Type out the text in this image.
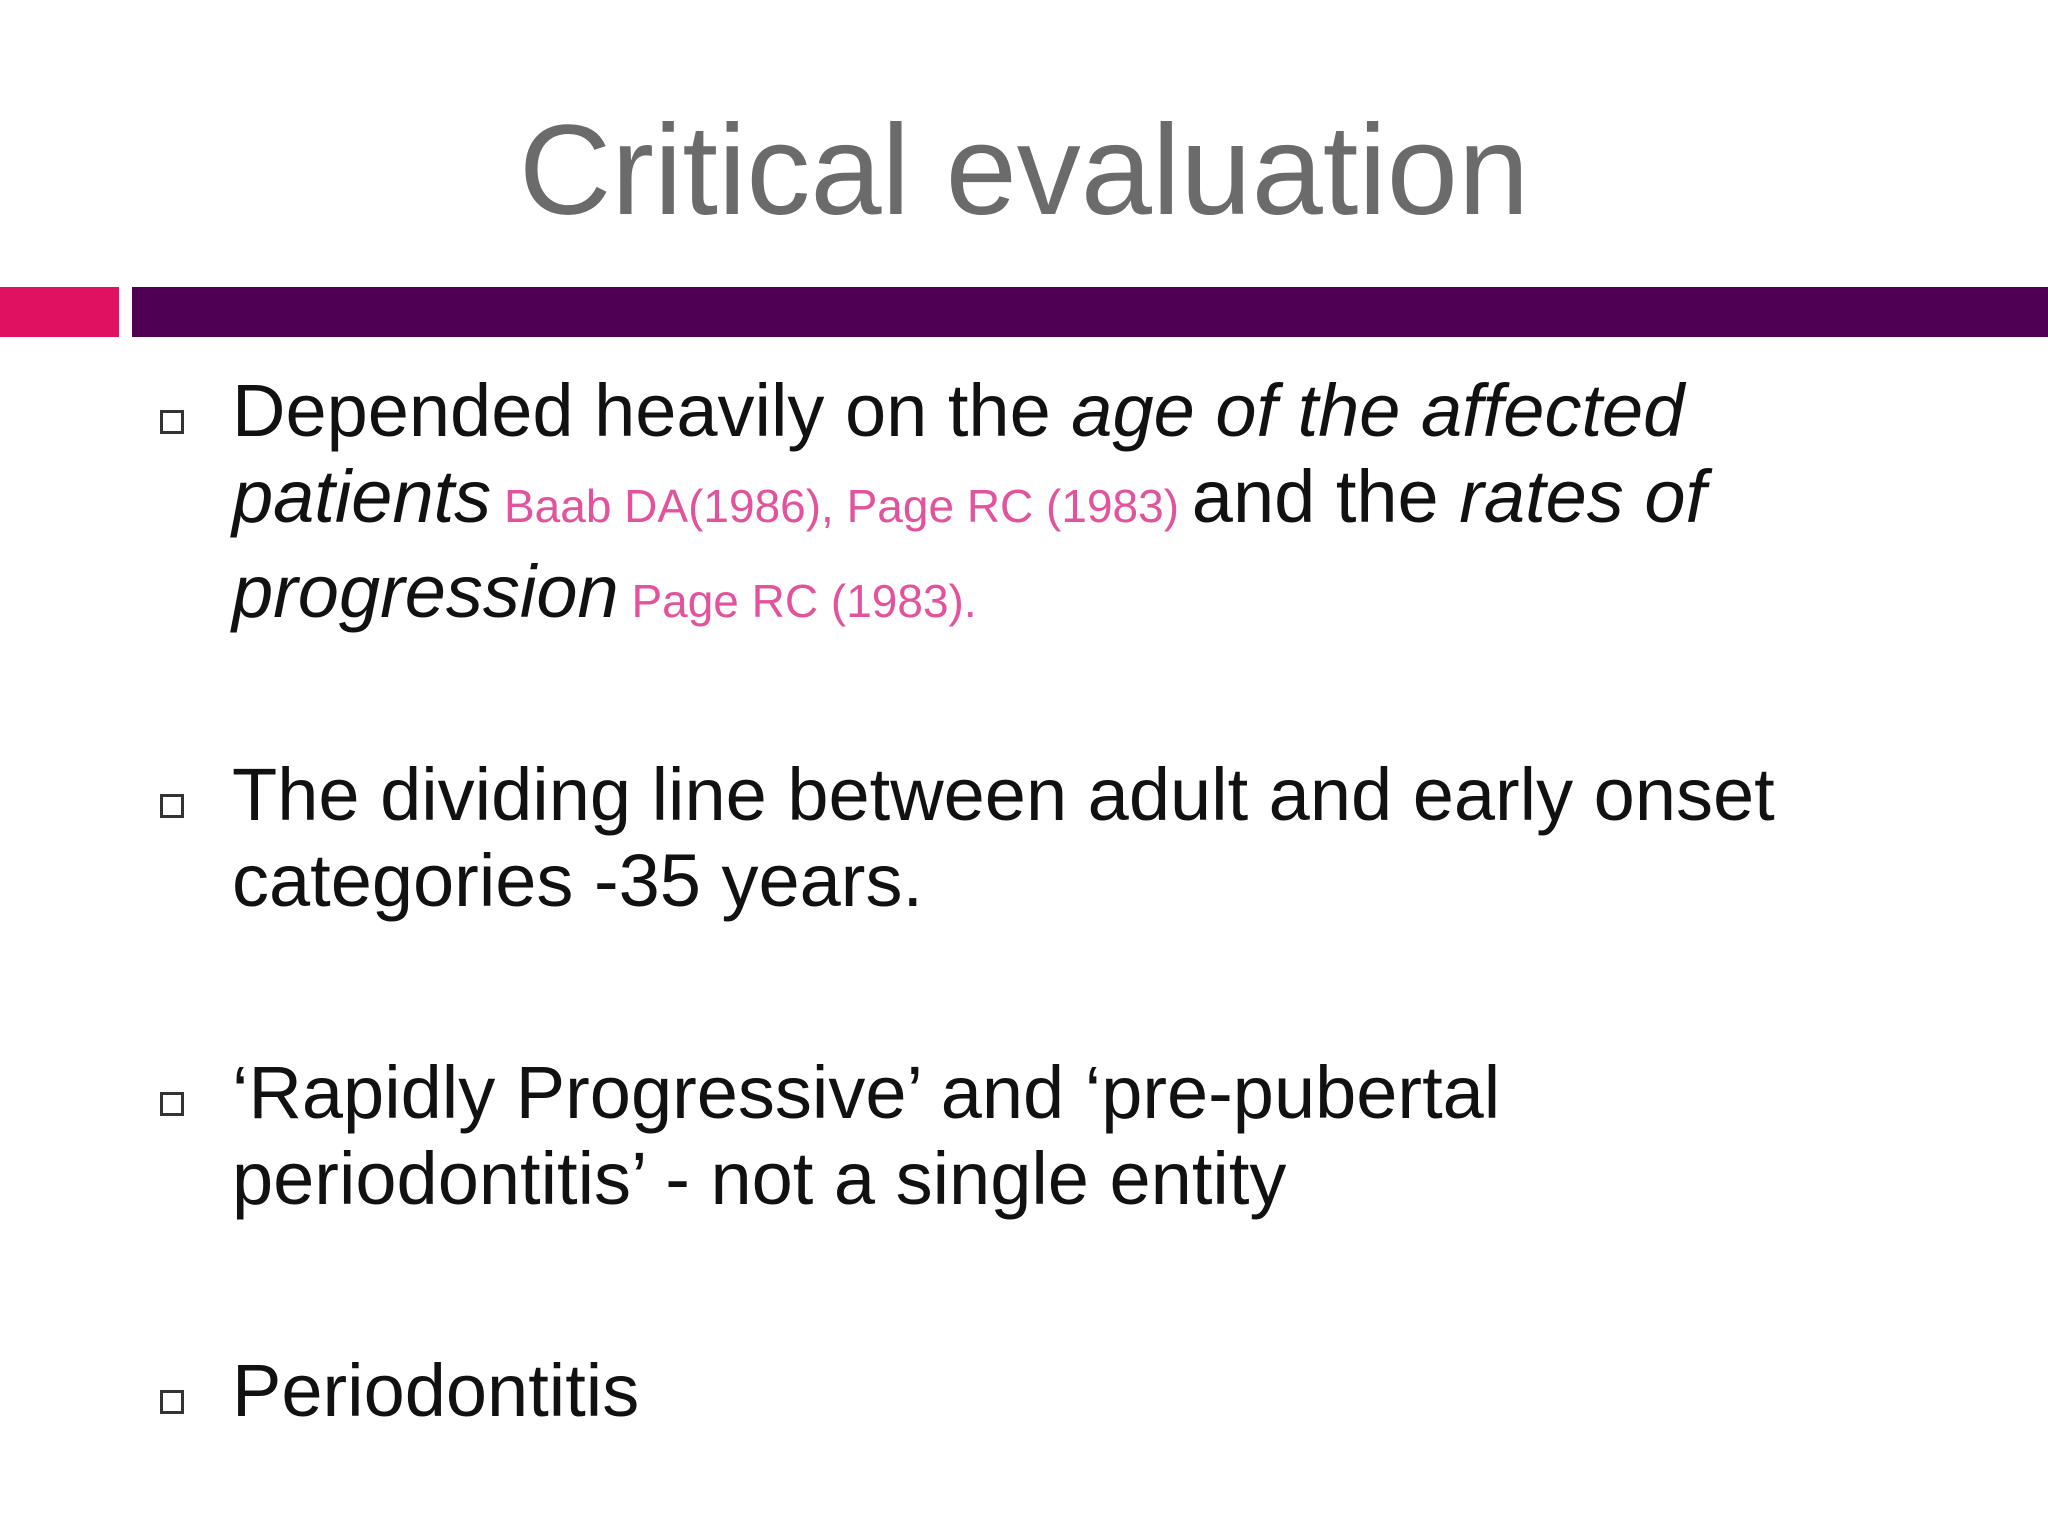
Critical evaluation
Depended heavily on the age of the affected
patients Baab DA(1986), Page RC (1983) and the rates of
progression Page RC (1983).
The dividing line between adult and early onset
categories -35 years.
‘Rapidly Progressive’ and ‘pre-pubertal
periodontitis’ - not a single entity
Periodontitis
